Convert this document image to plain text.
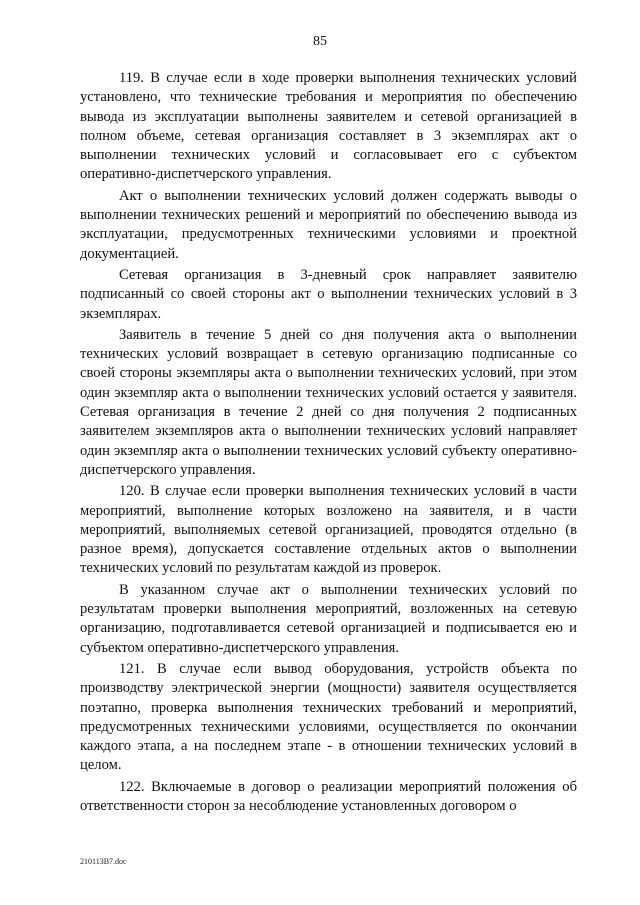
85

119. В случае если в ходе проверки выполнения технических условий установлено, что технические требования и мероприятия по обеспечению вывода из эксплуатации выполнены заявителем и сетевой организацией в полном объеме, сетевая организация составляет в 3 экземплярах акт о выполнении технических условий и согласовывает его с субъектом оперативно-диспетчерского управления.

Акт о выполнении технических условий должен содержать выводы о выполнении технических решений и мероприятий по обеспечению вывода из эксплуатации, предусмотренных техническими условиями и проектной документацией.

Сетевая организация в 3-дневный срок направляет заявителю подписанный со своей стороны акт о выполнении технических условий в 3 экземплярах.

Заявитель в течение 5 дней со дня получения акта о выполнении технических условий возвращает в сетевую организацию подписанные со своей стороны экземпляры акта о выполнении технических условий, при этом один экземпляр акта о выполнении технических условий остается у заявителя. Сетевая организация в течение 2 дней со дня получения 2 подписанных заявителем экземпляров акта о выполнении технических условий направляет один экземпляр акта о выполнении технических условий субъекту оперативно-диспетчерского управления.

120. В случае если проверки выполнения технических условий в части мероприятий, выполнение которых возложено на заявителя, и в части мероприятий, выполняемых сетевой организацией, проводятся отдельно (в разное время), допускается составление отдельных актов о выполнении технических условий по результатам каждой из проверок.

В указанном случае акт о выполнении технических условий по результатам проверки выполнения мероприятий, возложенных на сетевую организацию, подготавливается сетевой организацией и подписывается ею и субъектом оперативно-диспетчерского управления.

121. В случае если вывод оборудования, устройств объекта по производству электрической энергии (мощности) заявителя осуществляется поэтапно, проверка выполнения технических требований и мероприятий, предусмотренных техническими условиями, осуществляется по окончании каждого этапа, а на последнем этапе - в отношении технических условий в целом.

122. Включаемые в договор о реализации мероприятий положения об ответственности сторон за несоблюдение установленных договором о

210113B7.doc
